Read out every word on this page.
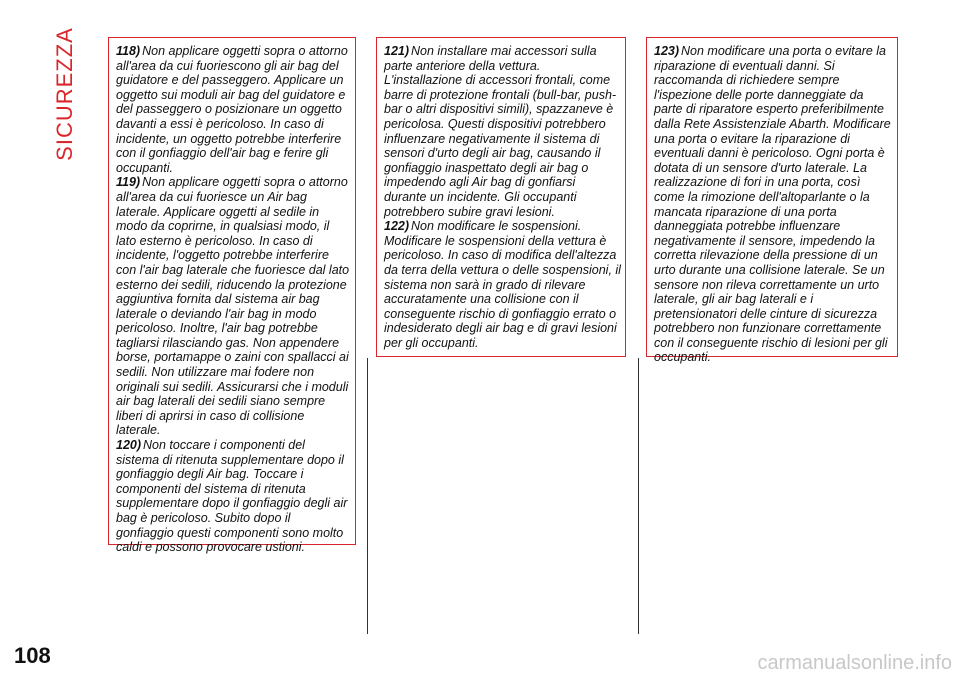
SICUREZZA	118) Non applicare oggetti sopra o attorno all'area da cui fuoriescono gli air bag del guidatore e del passeggero. Applicare un oggetto sui moduli air bag del guidatore e del passeggero o posizionare un oggetto davanti a essi è pericoloso. In caso di incidente, un oggetto potrebbe interferire con il gonfiaggio dell'air bag e ferire gli occupanti.

119) Non applicare oggetti sopra o attorno all'area da cui fuoriesce un Air bag laterale. Applicare oggetti al sedile in modo da coprirne, in qualsiasi modo, il lato esterno è pericoloso. In caso di incidente, l'oggetto potrebbe interferire con l'air bag laterale che fuoriesce dal lato esterno dei sedili, riducendo la protezione aggiuntiva fornita dal sistema air bag laterale o deviando l'air bag in modo pericoloso. Inoltre, l'air bag potrebbe tagliarsi rilasciando gas. Non appendere borse, portamappe o zaini con spallacci ai sedili. Non utilizzare mai fodere non originali sui sedili. Assicurarsi che i moduli air bag laterali dei sedili siano sempre liberi di aprirsi in caso di collisione laterale.

120) Non toccare i componenti del sistema di ritenuta supplementare dopo il gonfiaggio degli Air bag. Toccare i componenti del sistema di ritenuta supplementare dopo il gonfiaggio degli air bag è pericoloso. Subito dopo il gonfiaggio questi componenti sono molto caldi e possono provocare ustioni.

121) Non installare mai accessori sulla parte anteriore della vettura. L'installazione di accessori frontali, come barre di protezione frontali (bull-bar, push-bar o altri dispositivi simili), spazzaneve è pericolosa. Questi dispositivi potrebbero influenzare negativamente il sistema di sensori d'urto degli air bag, causando il gonfiaggio inaspettato degli air bag o impedendo agli Air bag di gonfiarsi durante un incidente. Gli occupanti potrebbero subire gravi lesioni.

122) Non modificare le sospensioni. Modificare le sospensioni della vettura è pericoloso. In caso di modifica dell'altezza da terra della vettura o delle sospensioni, il sistema non sarà in grado di rilevare accuratamente una collisione con il conseguente rischio di gonfiaggio errato o indesiderato degli air bag e di gravi lesioni per gli occupanti.

123) Non modificare una porta o evitare la riparazione di eventuali danni. Si raccomanda di richiedere sempre l'ispezione delle porte danneggiate da parte di riparatore esperto preferibilmente dalla Rete Assistenziale Abarth. Modificare una porta o evitare la riparazione di eventuali danni è pericoloso. Ogni porta è dotata di un sensore d'urto laterale. La realizzazione di fori in una porta, così come la rimozione dell'altoparlante o la mancata riparazione di una porta danneggiata potrebbe influenzare negativamente il sensore, impedendo la corretta rilevazione della pressione di un urto durante una collisione laterale. Se un sensore non rileva correttamente un urto laterale, gli air bag laterali e i pretensionatori delle cinture di sicurezza potrebbero non funzionare correttamente con il conseguente rischio di lesioni per gli occupanti.

108	carmanualsonline.info
